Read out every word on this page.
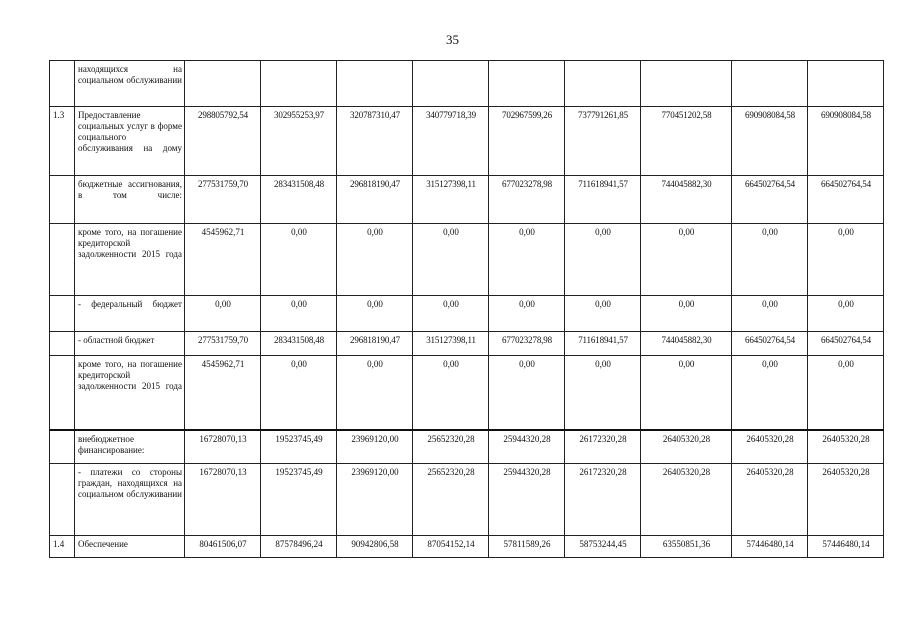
35
	находящихся на социальном обслуживании									
1.3	Предоставление социальных услуг в форме социального обслуживания на дому	298805792,54	302955253,97	320787310,47	340779718,39	702967599,26	737791261,85	770451202,58	690908084,58	690908084,58
	бюджетные ассигнования, в том числе:	277531759,70	283431508,48	296818190,47	315127398,11	677023278,98	711618941,57	744045882,30	664502764,54	664502764,54
	кроме того, на погашение кредиторской задолженности 2015 года	4545962,71	0,00	0,00	0,00	0,00	0,00	0,00	0,00	0,00
	- федеральный бюджет	0,00	0,00	0,00	0,00	0,00	0,00	0,00	0,00	0,00
	- областной бюджет	277531759,70	283431508,48	296818190,47	315127398,11	677023278,98	711618941,57	744045882,30	664502764,54	664502764,54
	кроме того, на погашение кредиторской задолженности 2015 года	4545962,71	0,00	0,00	0,00	0,00	0,00	0,00	0,00	0,00
	внебюджетное финансирование:	16728070,13	19523745,49	23969120,00	25652320,28	25944320,28	26172320,28	26405320,28	26405320,28	26405320,28
	- платежи со стороны граждан, находящихся на социальном обслуживании	16728070,13	19523745,49	23969120,00	25652320,28	25944320,28	26172320,28	26405320,28	26405320,28	26405320,28
1.4	Обеспечение	80461506,07	87578496,24	90942806,58	87054152,14	57811589,26	58753244,45	63550851,36	57446480,14	57446480,14
